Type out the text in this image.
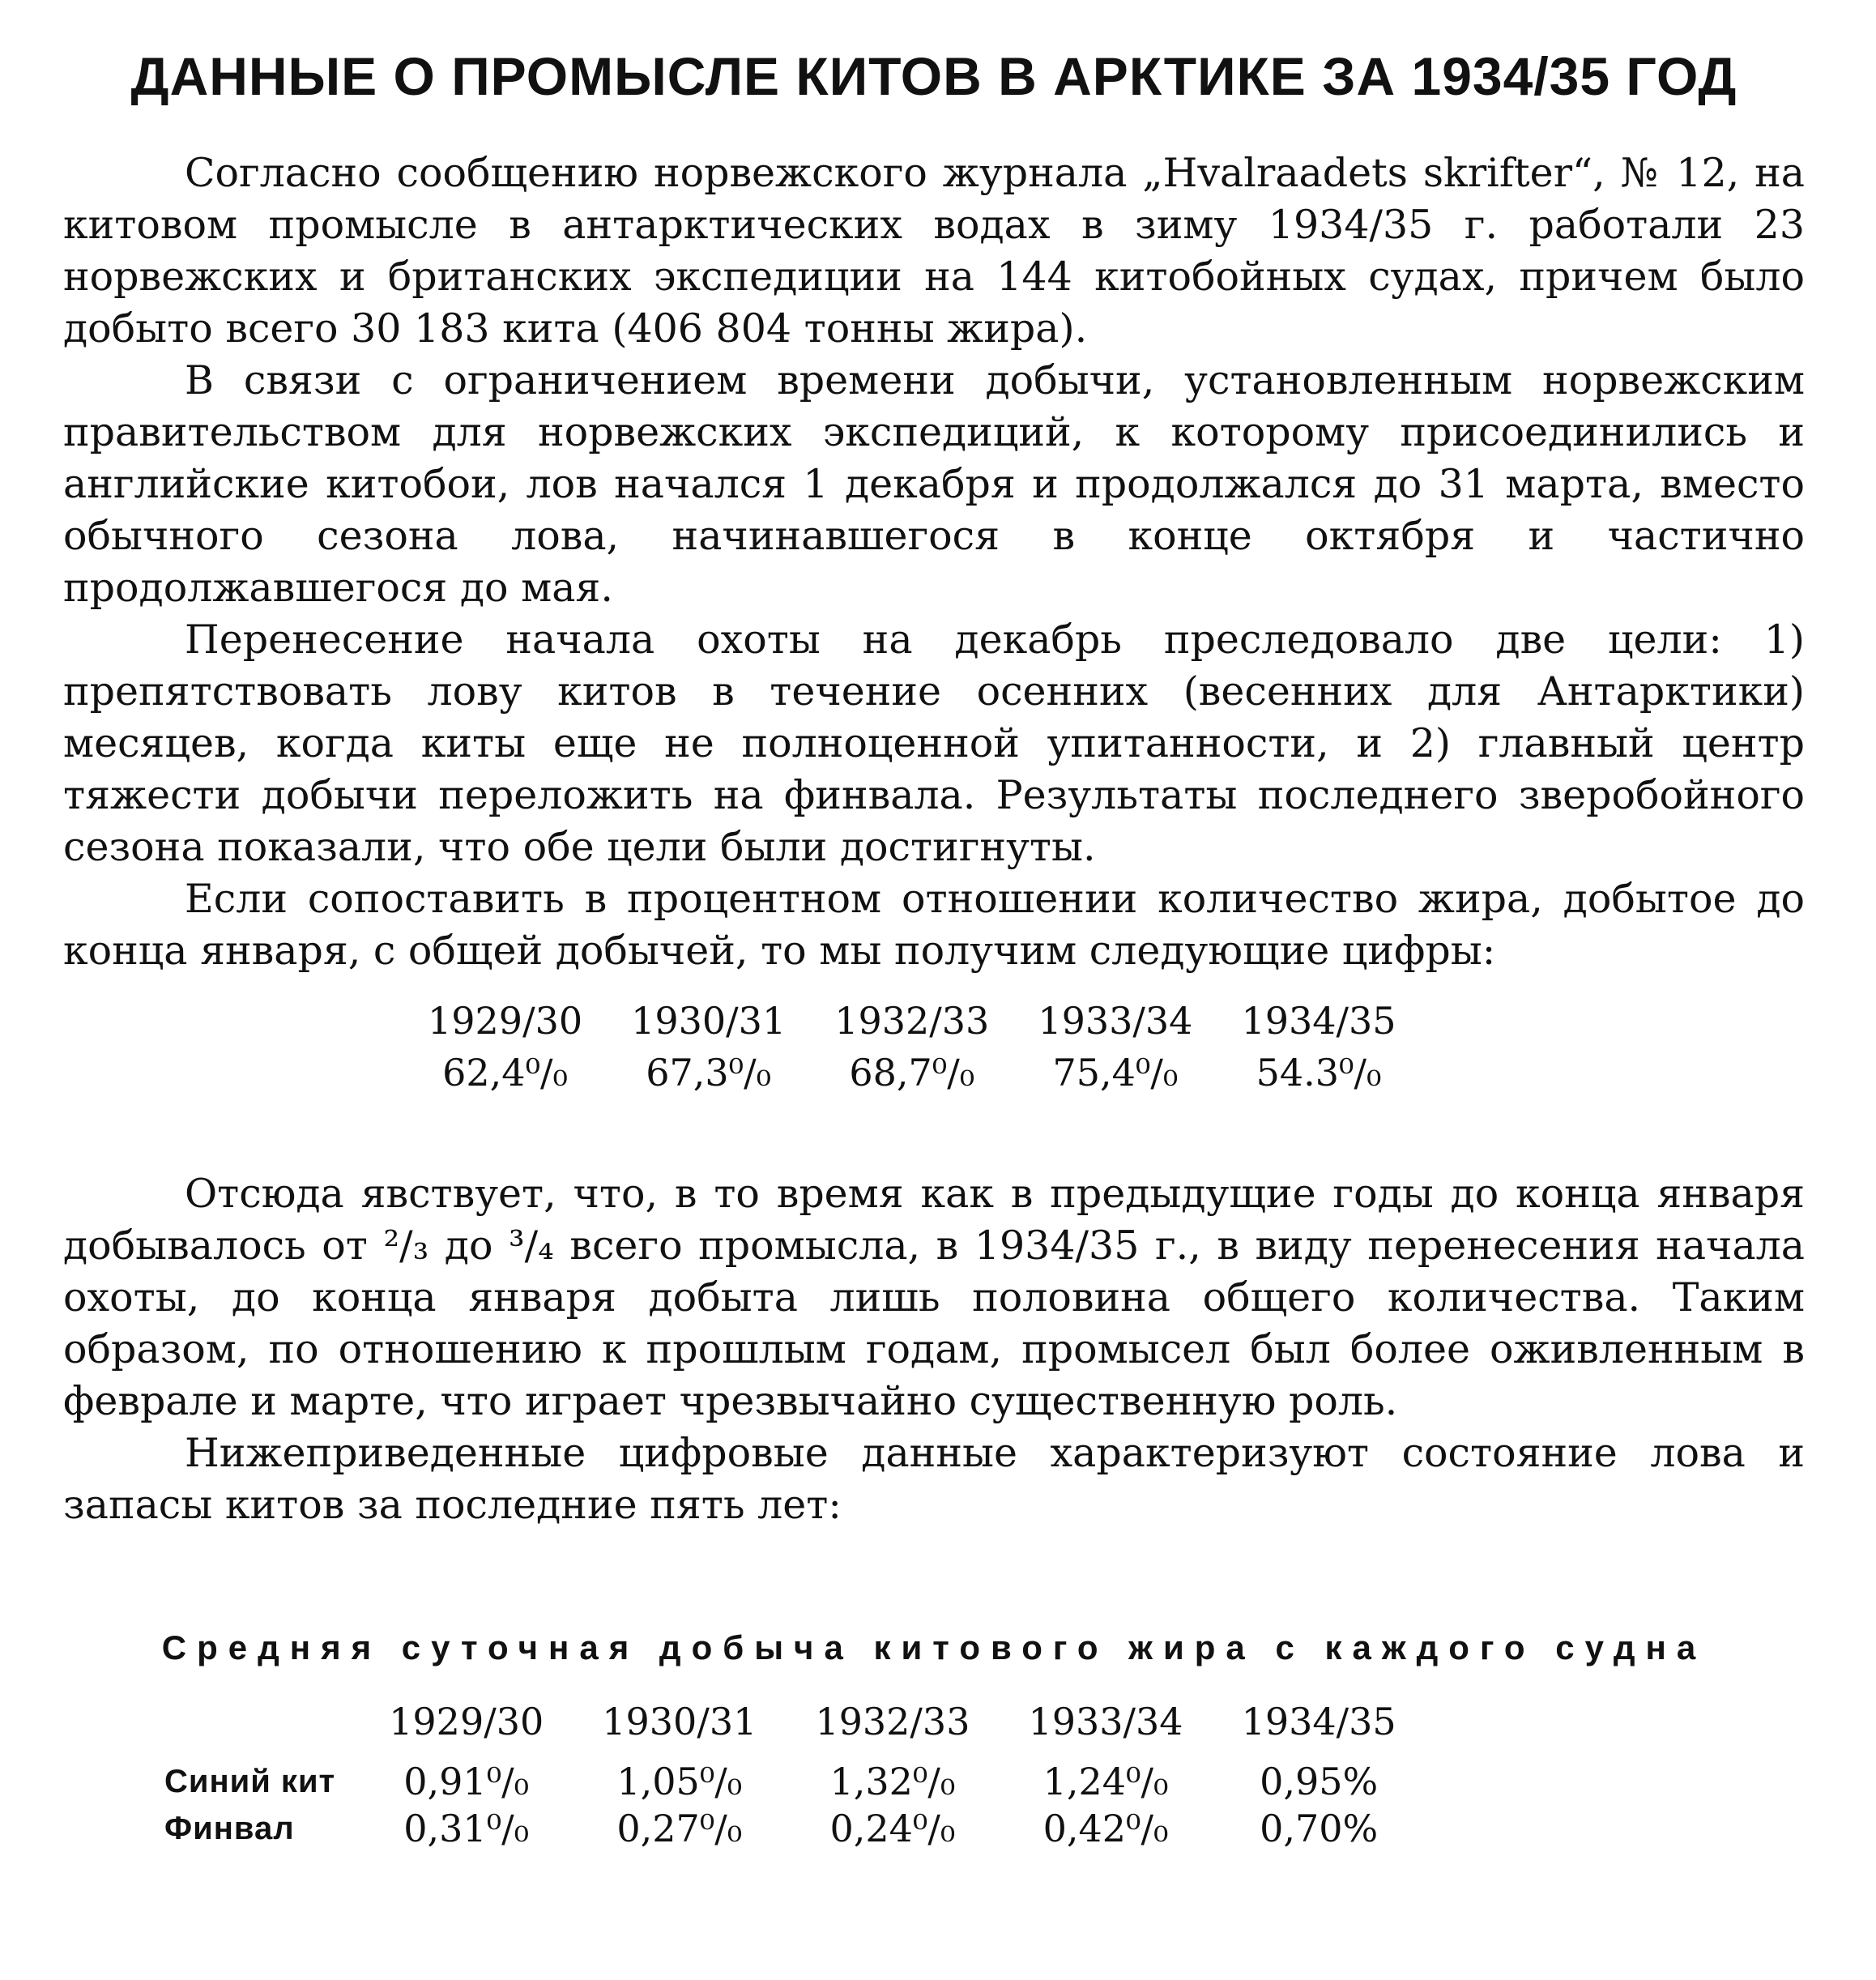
ДАННЫЕ О ПРОМЫСЛЕ КИТОВ В АРКТИКЕ ЗА 1934/35 ГОД

Согласно сообщению норвежского журнала „Hvalraadets skrifter“, № 12, на китовом промысле в антарктических водах в зиму 1934/35 г. работали 23 норвежских и британских экспедиции на 144 китобойных судах, причем было добыто всего 30 183 кита (406 804 тонны жира).

В связи с ограничением времени добычи, установленным норвежским правительством для норвежских экспедиций, к которому присоединились и английские китобои, лов начался 1 декабря и продолжался до 31 марта, вместо обычного сезона лова, начинавшегося в конце октября и частично продолжавшегося до мая.

Перенесение начала охоты на декабрь преследовало две цели: 1) препятствовать лову китов в течение осенних (весенних для Антарктики) месяцев, когда киты еще не полноценной упитанности, и 2) главный центр тяжести добычи переложить на финвала. Результаты последнего зверобойного сезона показали, что обе цели были достигнуты.

Если сопоставить в процентном отношении количество жира, добытое до конца января, с общей добычей, то мы получим следующие цифры:

1929/30	1930/31	1932/33	1933/34	1934/35
62,4⁰/₀	67,3⁰/₀	68,7⁰/₀	75,4⁰/₀	54.3⁰/₀

Отсюда явствует, что, в то время как в предыдущие годы до конца января добывалось от ²/₃ до ³/₄ всего промысла, в 1934/35 г., в виду перенесения начала охоты, до конца января добыта лишь половина общего количества. Таким образом, по отношению к прошлым годам, промысел был более оживленным в феврале и марте, что играет чрезвычайно существенную роль.

Нижеприведенные цифровые данные характеризуют состояние лова и запасы китов за последние пять лет:

Средняя суточная добыча китового жира с каждого судна
	1929/30	1930/31	1932/33	1933/34	1934/35
Синий кит	0,91⁰/₀	1,05⁰/₀	1,32⁰/₀	1,24⁰/₀	0,95%
Финвал	0,31⁰/₀	0,27⁰/₀	0,24⁰/₀	0,42⁰/₀	0,70%
